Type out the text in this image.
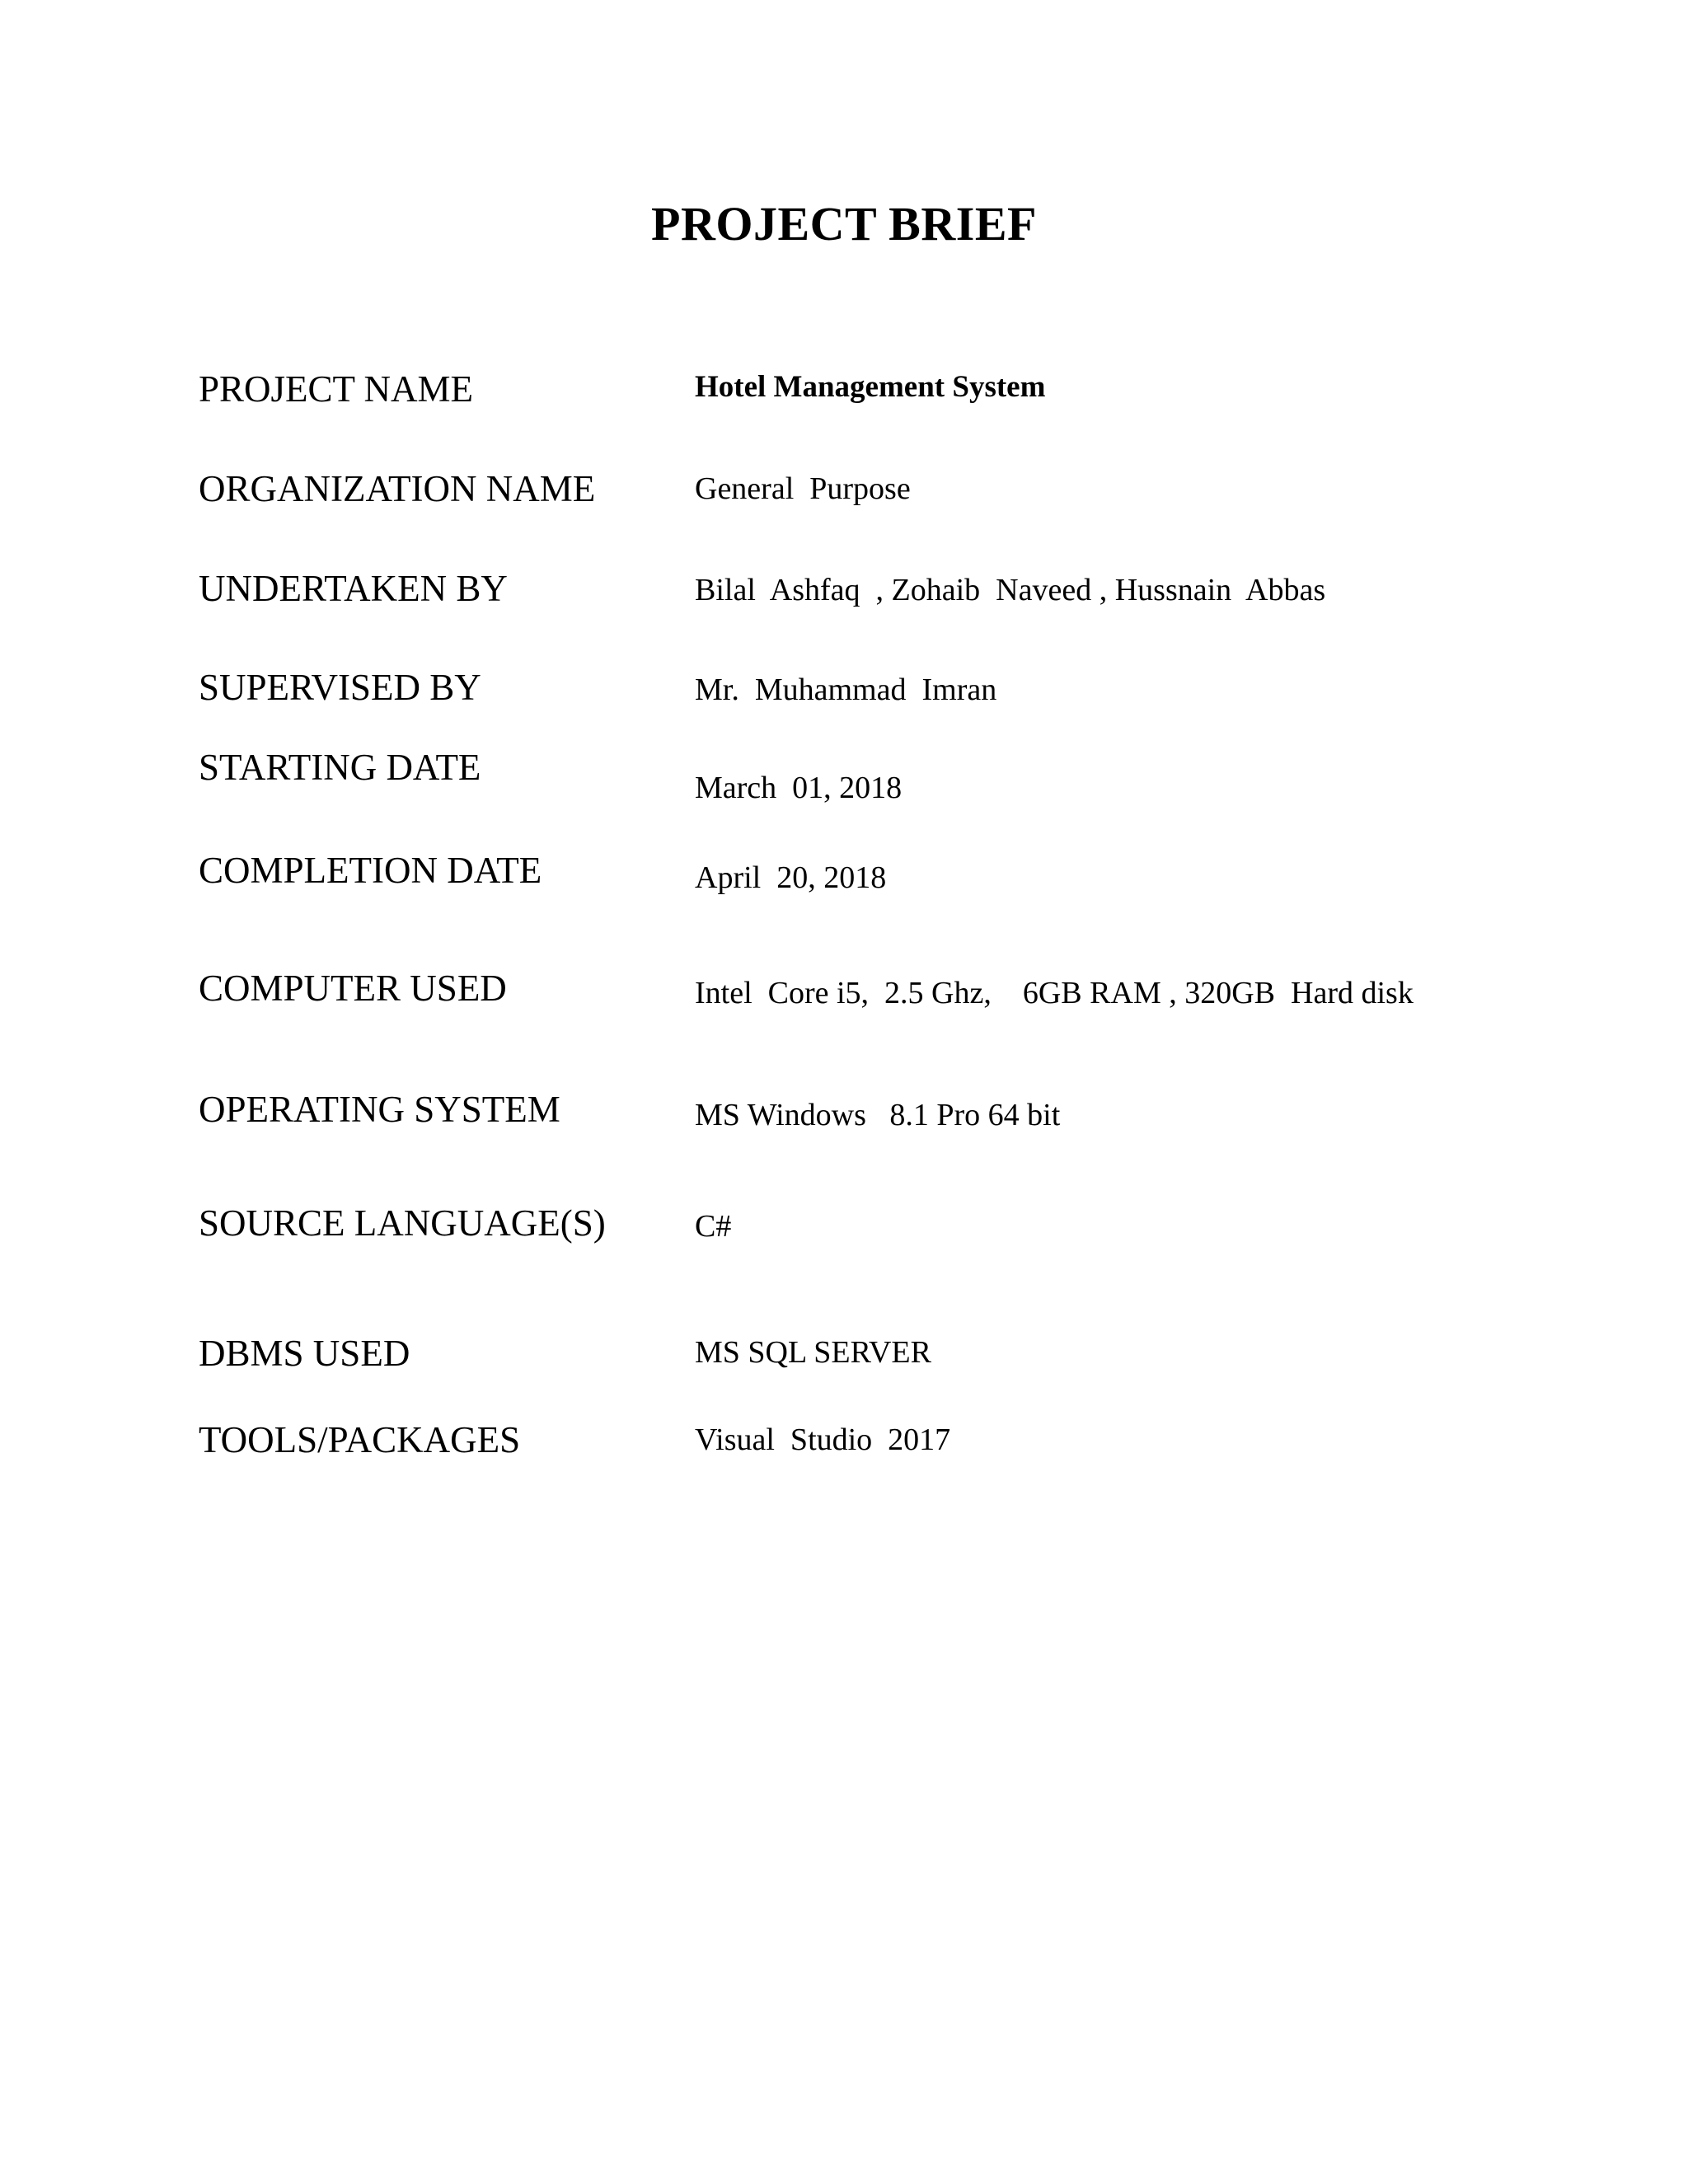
PROJECT BRIEF
PROJECT NAME	Hotel Management System
ORGANIZATION NAME	General  Purpose
UNDERTAKEN BY	Bilal  Ashfaq  , Zohaib  Naveed , Hussnain  Abbas
SUPERVISED BY	Mr.  Muhammad  Imran
STARTING DATE	March  01, 2018
COMPLETION DATE	April  20, 2018
COMPUTER USED	Intel  Core i5,  2.5 Ghz,    6GB RAM , 320GB  Hard disk
OPERATING SYSTEM	MS Windows   8.1 Pro 64 bit
SOURCE LANGUAGE(S)	C#
DBMS USED	MS SQL SERVER
TOOLS/PACKAGES	Visual  Studio  2017
